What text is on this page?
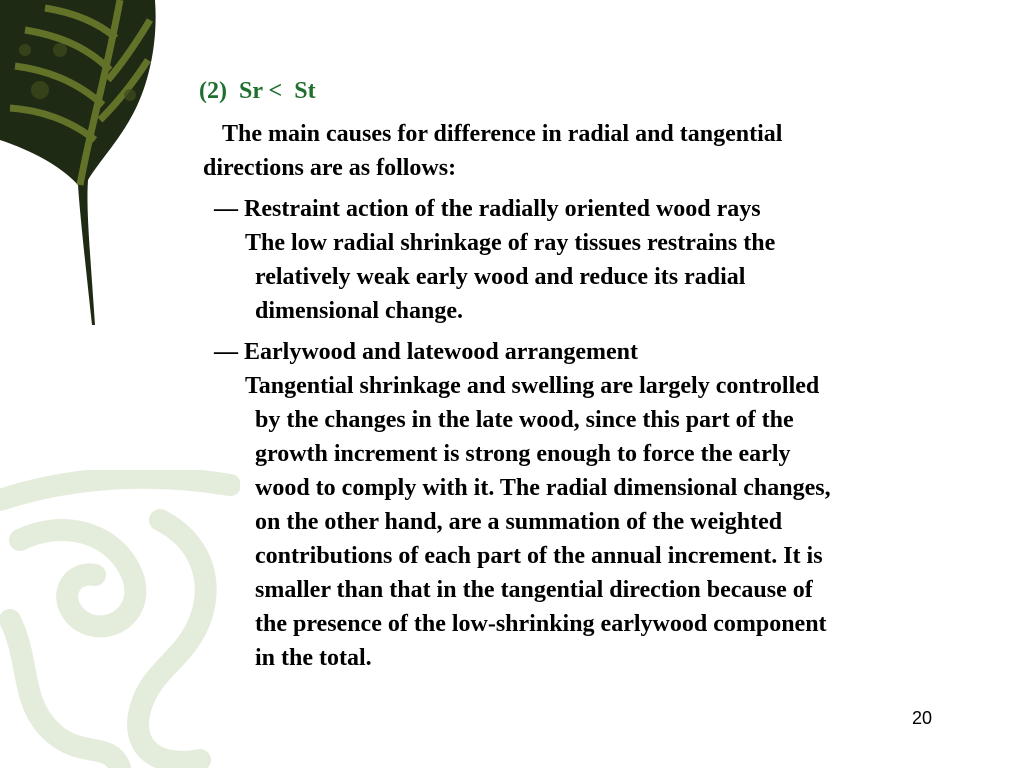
(2)  Sr <  St
The main causes for difference in radial and tangential
directions are as follows:
— Restraint action of the radially oriented wood rays
The low radial shrinkage of ray tissues restrains the
relatively weak early wood and reduce its radial
dimensional change.
— Earlywood and latewood arrangement
Tangential shrinkage and swelling are largely controlled
by the changes in the late wood, since this part of the
growth increment is strong enough to force the early
wood to comply with it. The radial dimensional changes,
on the other hand, are a summation of the weighted
contributions of each part of the annual increment. It is
smaller than that in the tangential direction because of
the presence of the low-shrinking earlywood component
in the total.
20
